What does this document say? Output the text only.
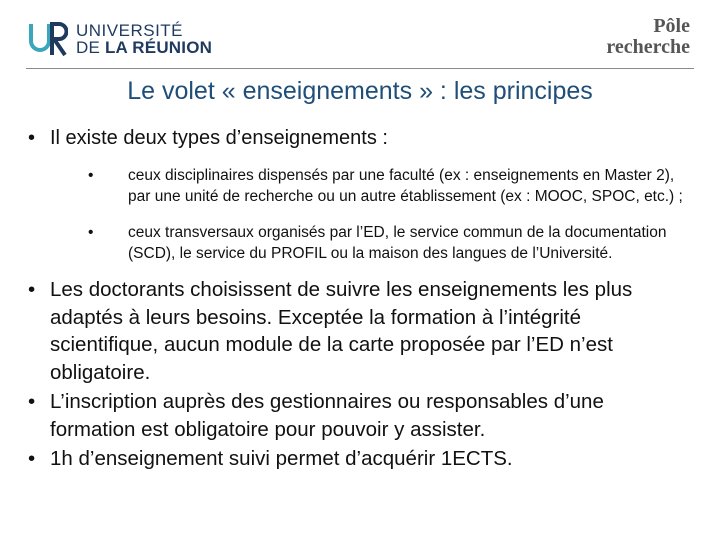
UNIVERSITÉ
DE LA RÉUNION
Pôle
recherche
Le volet « enseignements » : les principes
• Il existe deux types d’enseignements :
•	ceux disciplinaires dispensés par une faculté (ex : enseignements en Master 2), par une unité de recherche ou un autre établissement (ex : MOOC, SPOC, etc.) ;
•	ceux transversaux organisés par l’ED, le service commun de la documentation (SCD), le service du PROFIL ou la maison des langues de l’Université.
• Les doctorants choisissent de suivre les enseignements les plus adaptés à leurs besoins. Exceptée la formation à l’intégrité scientifique, aucun module de la carte proposée par l’ED n’est obligatoire.
• L’inscription auprès des gestionnaires ou responsables d’une formation est obligatoire pour pouvoir y assister.
• 1h d’enseignement suivi permet d’acquérir 1ECTS.
